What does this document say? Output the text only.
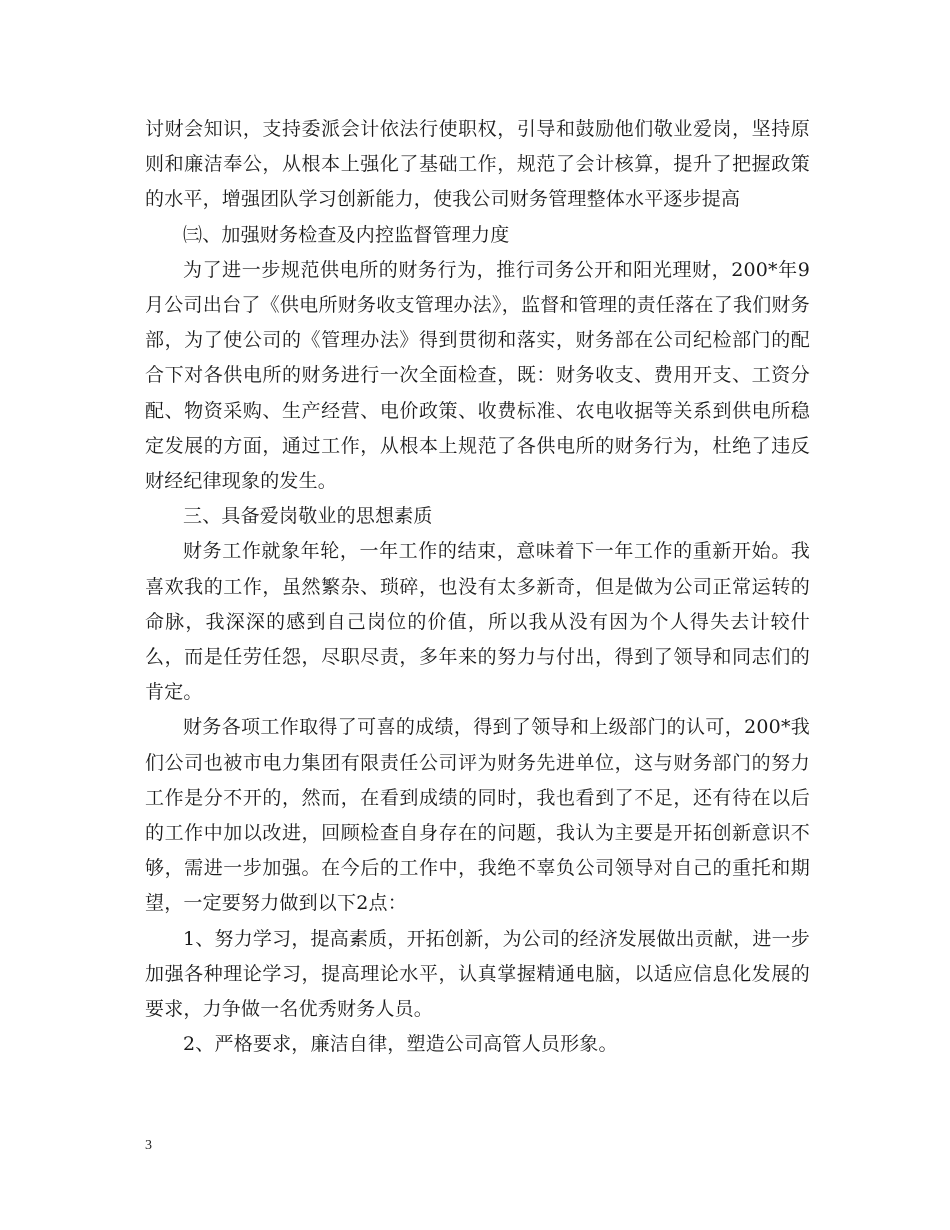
讨财会知识，支持委派会计依法行使职权，引导和鼓励他们敬业爱岗，坚持原则和廉洁奉公，从根本上强化了基础工作，规范了会计核算，提升了把握政策的水平，增强团队学习创新能力，使我公司财务管理整体水平逐步提高

㈢、加强财务检查及内控监督管理力度

为了进一步规范供电所的财务行为，推行司务公开和阳光理财，200*年9月公司出台了《供电所财务收支管理办法》，监督和管理的责任落在了我们财务部，为了使公司的《管理办法》得到贯彻和落实，财务部在公司纪检部门的配合下对各供电所的财务进行一次全面检查，既：财务收支、费用开支、工资分配、物资采购、生产经营、电价政策、收费标准、农电收据等关系到供电所稳定发展的方面，通过工作，从根本上规范了各供电所的财务行为，杜绝了违反财经纪律现象的发生。

三、具备爱岗敬业的思想素质

财务工作就象年轮，一年工作的结束，意味着下一年工作的重新开始。我喜欢我的工作，虽然繁杂、琐碎，也没有太多新奇，但是做为公司正常运转的命脉，我深深的感到自己岗位的价值，所以我从没有因为个人得失去计较什么，而是任劳任怨，尽职尽责，多年来的努力与付出，得到了领导和同志们的肯定。

财务各项工作取得了可喜的成绩，得到了领导和上级部门的认可，200*我们公司也被市电力集团有限责任公司评为财务先进单位，这与财务部门的努力工作是分不开的，然而，在看到成绩的同时，我也看到了不足，还有待在以后的工作中加以改进，回顾检查自身存在的问题，我认为主要是开拓创新意识不够，需进一步加强。在今后的工作中，我绝不辜负公司领导对自己的重托和期望，一定要努力做到以下2点：

1、努力学习，提高素质，开拓创新，为公司的经济发展做出贡献，进一步加强各种理论学习，提高理论水平，认真掌握精通电脑，以适应信息化发展的要求，力争做一名优秀财务人员。

2、严格要求，廉洁自律，塑造公司高管人员形象。

3
